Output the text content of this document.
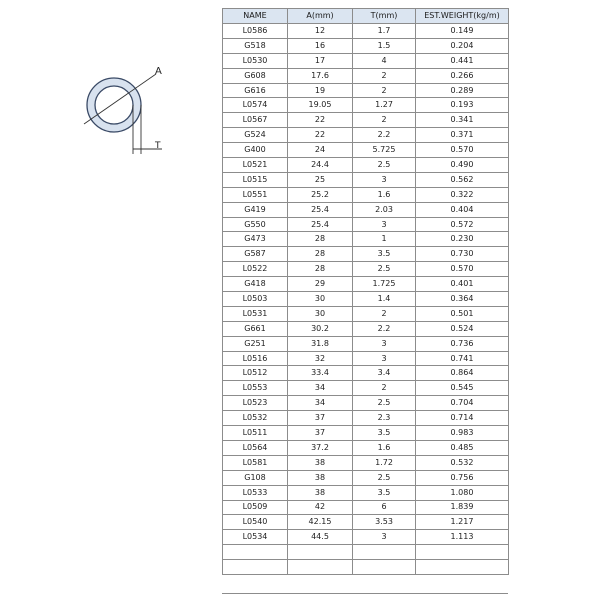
A
T
NAME	A(mm)	T(mm)	EST.WEIGHT(kg/m)
L0586	12	1.7	0.149
G518	16	1.5	0.204
L0530	17	4	0.441
G608	17.6	2	0.266
G616	19	2	0.289
L0574	19.05	1.27	0.193
L0567	22	2	0.341
G524	22	2.2	0.371
G400	24	5.725	0.570
L0521	24.4	2.5	0.490
L0515	25	3	0.562
L0551	25.2	1.6	0.322
G419	25.4	2.03	0.404
G550	25.4	3	0.572
G473	28	1	0.230
G587	28	3.5	0.730
L0522	28	2.5	0.570
G418	29	1.725	0.401
L0503	30	1.4	0.364
L0531	30	2	0.501
G661	30.2	2.2	0.524
G251	31.8	3	0.736
L0516	32	3	0.741
L0512	33.4	3.4	0.864
L0553	34	2	0.545
L0523	34	2.5	0.704
L0532	37	2.3	0.714
L0511	37	3.5	0.983
L0564	37.2	1.6	0.485
L0581	38	1.72	0.532
G108	38	2.5	0.756
L0533	38	3.5	1.080
L0509	42	6	1.839
L0540	42.15	3.53	1.217
L0534	44.5	3	1.113
